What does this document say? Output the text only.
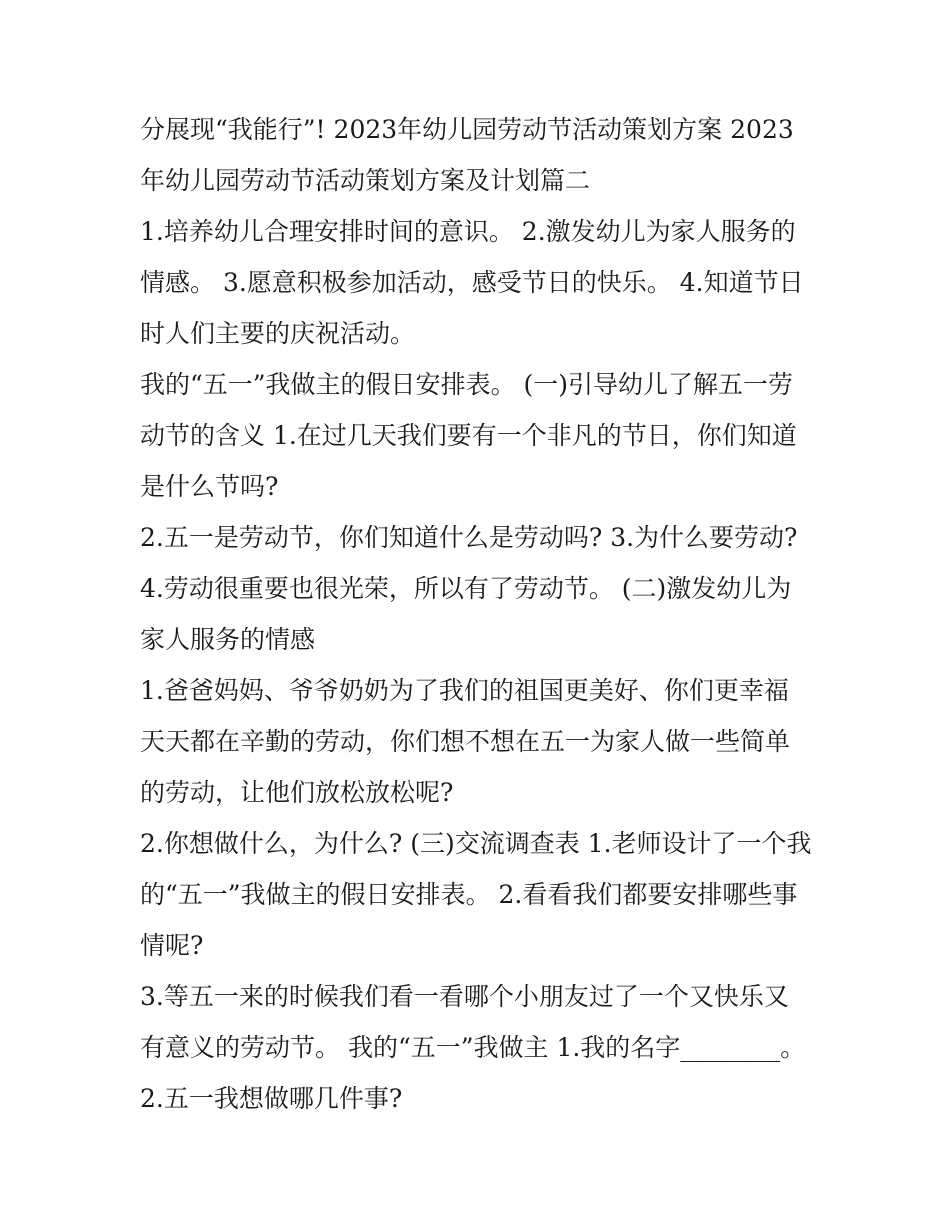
分展现“我能行”! 2023年幼儿园劳动节活动策划方案 2023年幼儿园劳动节活动策划方案及计划篇二

1.培养幼儿合理安排时间的意识。 2.激发幼儿为家人服务的情感。 3.愿意积极参加活动，感受节日的快乐。 4.知道节日时人们主要的庆祝活动。

我的“五一”我做主的假日安排表。 (一)引导幼儿了解五一劳动节的含义 1.在过几天我们要有一个非凡的节日，你们知道是什么节吗?

2.五一是劳动节，你们知道什么是劳动吗? 3.为什么要劳动? 4.劳动很重要也很光荣，所以有了劳动节。 (二)激发幼儿为家人服务的情感

1.爸爸妈妈、爷爷奶奶为了我们的祖国更美好、你们更幸福天天都在辛勤的劳动，你们想不想在五一为家人做一些简单的劳动，让他们放松放松呢?

2.你想做什么，为什么? (三)交流调查表 1.老师设计了一个我的“五一”我做主的假日安排表。 2.看看我们都要安排哪些事情呢?

3.等五一来的时候我们看一看哪个小朋友过了一个又快乐又有意义的劳动节。 我的“五一”我做主 1.我的名字________。 2.五一我想做哪几件事?
